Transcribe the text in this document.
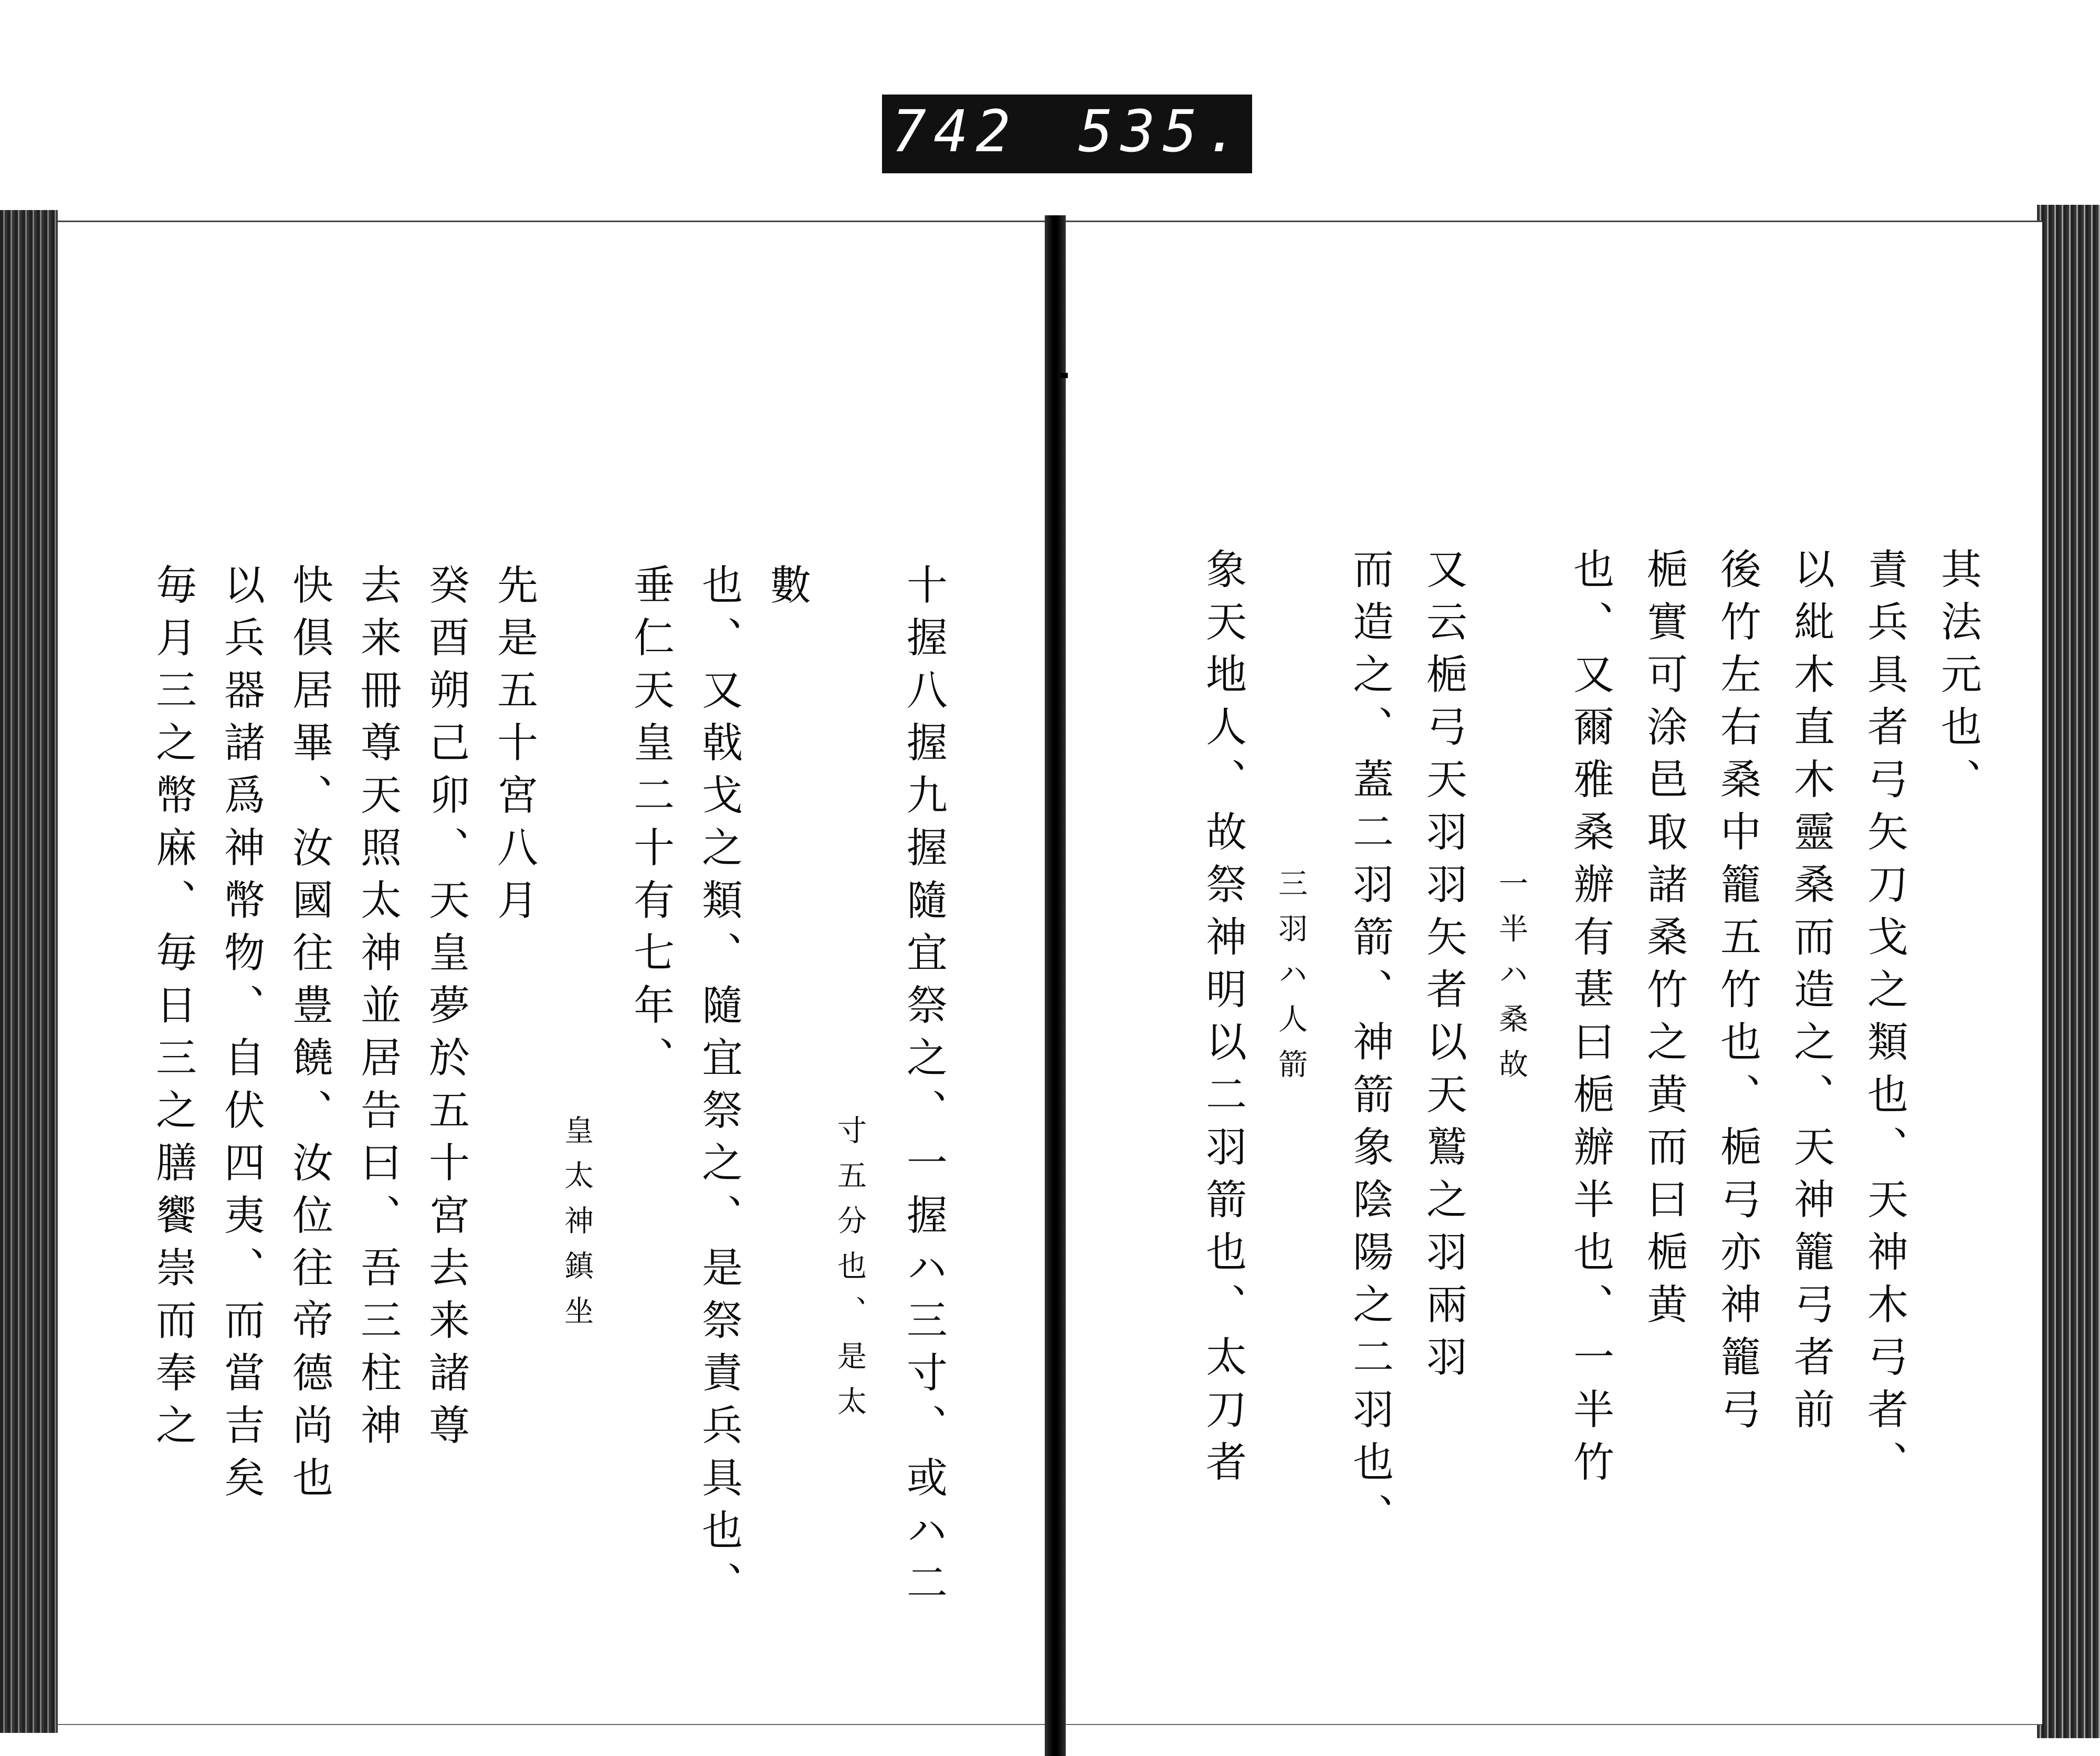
742 535.
十握八握九握隨宜祭之、一握ハ三寸、或ハ二
寸五分也、是太
數
也、又戟戈之類、隨宜祭之、是祭責兵具也、
垂仁天皇二十有七年、
皇太神鎮坐
先是五十宮八月
癸酉朔己卯、天皇夢於五十宮去来諸尊
去来冊尊天照太神並居告曰、吾三柱神
快倶居畢、汝國往豊饒、汝位往帝德尚也
以兵器諸爲神幣物、自伏四夷、而當吉矣
毎月三之幣麻、毎日三之膳饗崇而奉之	其法元也、
責兵具者弓矢刀戈之類也、天神木弓者、
以紕木直木靈桑而造之、天神籠弓者前
後竹左右桑中籠五竹也、梔弓亦神籠弓
梔實可涂邑取諸桑竹之黄而曰梔黄
也、又爾雅桑辦有葚曰梔辦半也、一半竹
一半ハ桑故
又云梔弓天羽羽矢者以天鷲之羽兩羽
而造之、蓋二羽箭、神箭象陰陽之二羽也、
三羽ハ人箭
象天地人、故祭神明以二羽箭也、太刀者
